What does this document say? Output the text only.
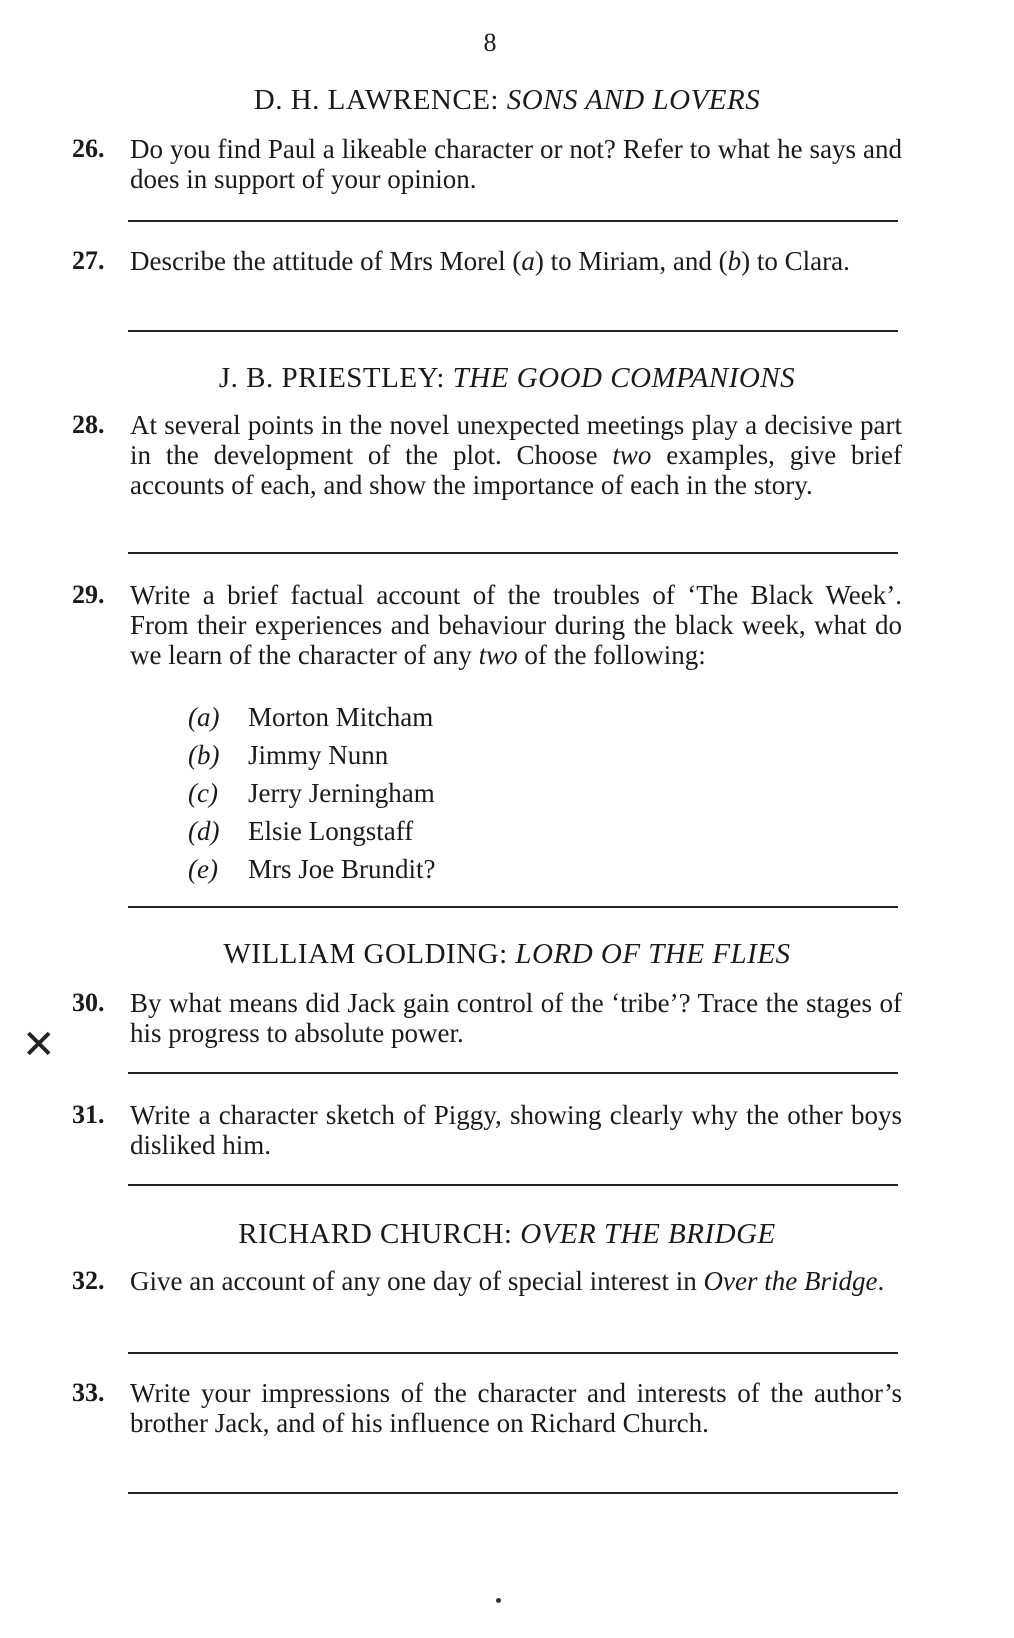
8
D. H. LAWRENCE: SONS AND LOVERS
26. Do you find Paul a likeable character or not? Refer to what he says and does in support of your opinion.
27. Describe the attitude of Mrs Morel (a) to Miriam, and (b) to Clara.
J. B. PRIESTLEY: THE GOOD COMPANIONS
28. At several points in the novel unexpected meetings play a decisive part in the development of the plot. Choose two examples, give brief accounts of each, and show the importance of each in the story.
29. Write a brief factual account of the troubles of ‘The Black Week’. From their experiences and behaviour during the black week, what do we learn of the character of any two of the following:
(a) Morton Mitcham
(b) Jimmy Nunn
(c) Jerry Jerningham
(d) Elsie Longstaff
(e) Mrs Joe Brundit?
WILLIAM GOLDING: LORD OF THE FLIES
✕
30. By what means did Jack gain control of the ‘tribe’? Trace the stages of his progress to absolute power.
31. Write a character sketch of Piggy, showing clearly why the other boys disliked him.
RICHARD CHURCH: OVER THE BRIDGE
32. Give an account of any one day of special interest in Over the Bridge.
33. Write your impressions of the character and interests of the author’s brother Jack, and of his influence on Richard Church.
